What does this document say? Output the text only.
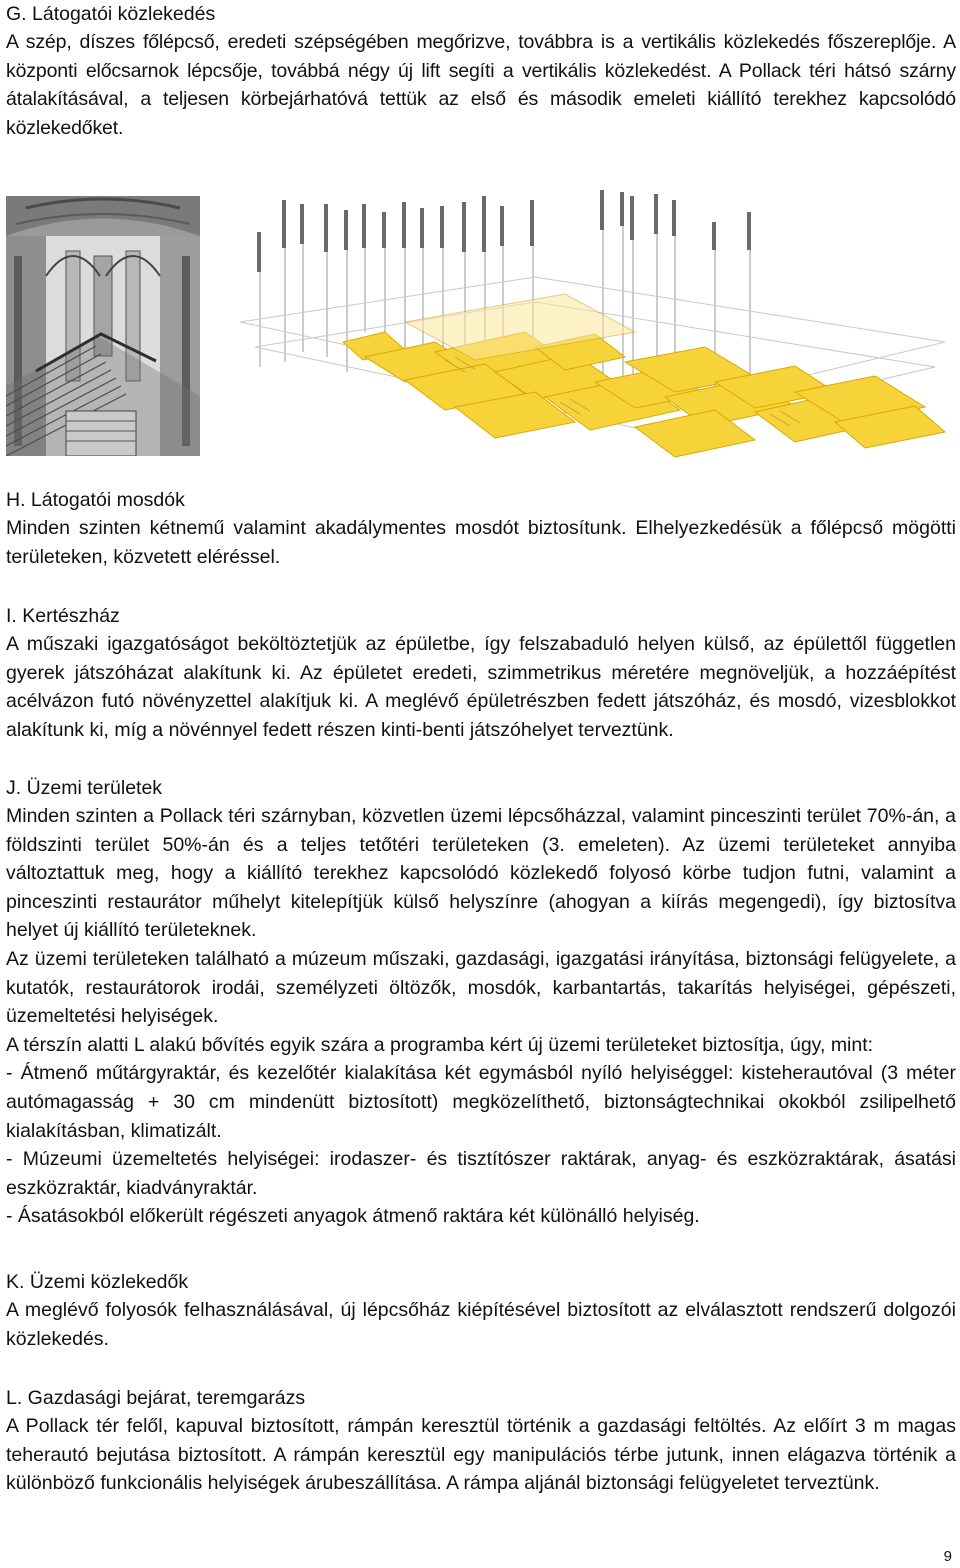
G. Látogatói közlekedés

A szép, díszes főlépcső, eredeti szépségében megőrizve, továbbra is a vertikális közlekedés főszereplője. A központi előcsarnok lépcsője, továbbá négy új lift segíti a vertikális közlekedést. A Pollack téri hátsó szárny átalakításával, a teljesen körbejárhatóvá tettük az első és második emeleti kiállító terekhez kapcsolódó közlekedőket.

H. Látogatói mosdók

Minden szinten kétnemű valamint akadálymentes mosdót biztosítunk. Elhelyezkedésük a főlépcső mögötti területeken, közvetett eléréssel.

I. Kertészház

A műszaki igazgatóságot beköltöztetjük az épületbe, így felszabaduló helyen külső, az épülettől független gyerek játszóházat alakítunk ki. Az épületet eredeti, szimmetrikus méretére megnöveljük, a hozzáépítést acélvázon futó növényzettel alakítjuk ki. A meglévő épületrészben fedett játszóház, és mosdó, vizesblokkot alakítunk ki, míg a növénnyel fedett részen kinti-benti játszóhelyet terveztünk.

J. Üzemi területek

Minden szinten a Pollack téri szárnyban, közvetlen üzemi lépcsőházzal, valamint pinceszinti terület 70%-án, a földszinti terület 50%-án és a teljes tetőtéri területeken (3. emeleten). Az üzemi területeket annyiba változtattuk meg, hogy a kiállító terekhez kapcsolódó közlekedő folyosó körbe tudjon futni, valamint a pinceszinti restaurátor műhelyt kitelepítjük külső helyszínre (ahogyan a kiírás megengedi), így biztosítva helyet új kiállító területeknek.

Az üzemi területeken található a múzeum műszaki, gazdasági, igazgatási irányítása, biztonsági felügyelete, a kutatók, restaurátorok irodái, személyzeti öltözők, mosdók, karbantartás, takarítás helyiségei, gépészeti, üzemeltetési helyiségek.

A térszín alatti L alakú bővítés egyik szára a programba kért új üzemi területeket biztosítja, úgy, mint:

- Átmenő műtárgyraktár, és kezelőtér kialakítása két egymásból nyíló helyiséggel: kisteherautóval (3 méter autómagasság + 30 cm mindenütt biztosított) megközelíthető, biztonságtechnikai okokból zsilipelhető kialakításban, klimatizált.

- Múzeumi üzemeltetés helyiségei: irodaszer- és tisztítószer raktárak, anyag- és eszközraktárak, ásatási eszközraktár, kiadványraktár.

- Ásatásokból előkerült régészeti anyagok átmenő raktára két különálló helyiség.

K. Üzemi közlekedők

A meglévő folyosók felhasználásával, új lépcsőház kiépítésével biztosított az elválasztott rendszerű dolgozói közlekedés.

L. Gazdasági bejárat, teremgarázs

A Pollack tér felől, kapuval biztosított, rámpán keresztül történik a gazdasági feltöltés. Az előírt 3 m magas teherautó bejutása biztosított. A rámpán keresztül egy manipulációs térbe jutunk, innen elágazva történik a különböző funkcionális helyiségek árubeszállítása. A rámpa aljánál biztonsági felügyeletet terveztünk.

9
